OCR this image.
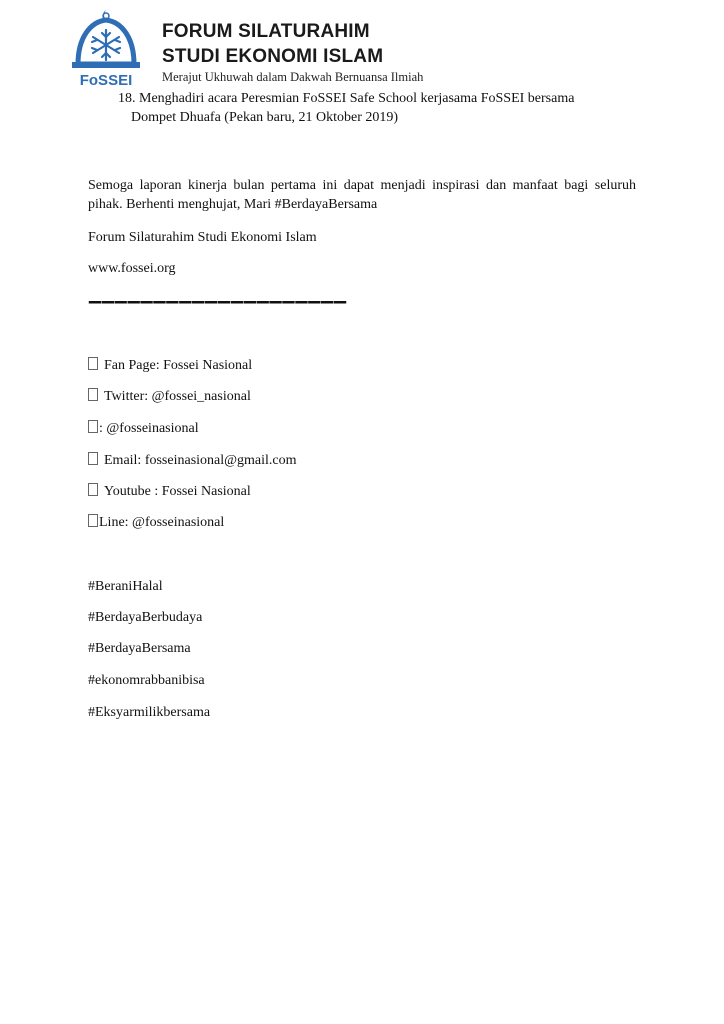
FoSSEI
FORUM SILATURAHIM
STUDI EKONOMI ISLAM
Merajut Ukhuwah dalam Dakwah Bernuansa Ilmiah
18. Menghadiri acara Peresmian FoSSEI Safe School kerjasama FoSSEI bersama
Dompet Dhuafa (Pekan baru, 21 Oktober 2019)

Semoga laporan kinerja bulan pertama ini dapat menjadi inspirasi dan manfaat bagi seluruh pihak. Berhenti menghujat, Mari #BerdayaBersama

Forum Silaturahim Studi Ekonomi Islam

www.fossei.org

––––––––––––––––––––
Fan Page: Fossei Nasional
Twitter: @fossei_nasional
: @fosseinasional
Email: fosseinasional@gmail.com
Youtube : Fossei Nasional
Line: @fosseinasional
#BeraniHalal
#BerdayaBerbudaya
#BerdayaBersama
#ekonomrabbanibisa
#Eksyarmilikbersama
